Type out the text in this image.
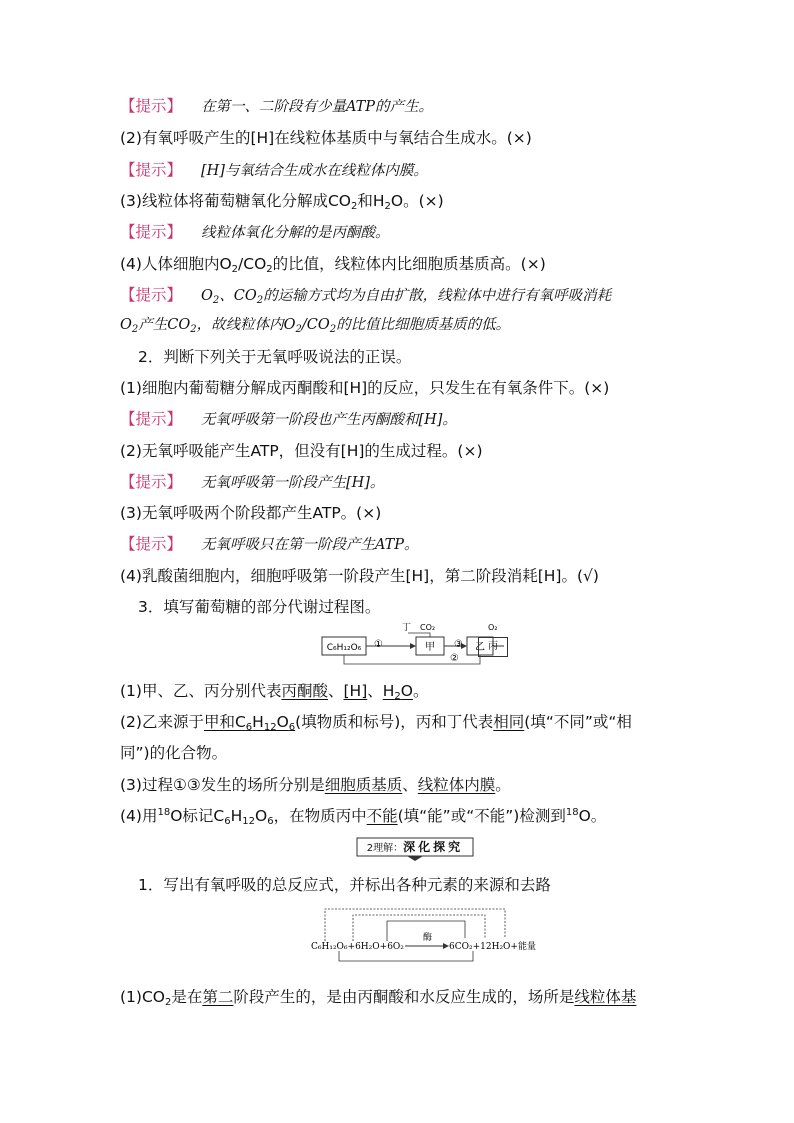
【提示】 在第一、二阶段有少量ATP的产生。
(2)有氧呼吸产生的[H]在线粒体基质中与氧结合生成水。(×)
【提示】 [H]与氧结合生成水在线粒体内膜。
(3)线粒体将葡萄糖氧化分解成$CO_2$和$H_2O$。(×)
【提示】 线粒体氧化分解的是丙酮酸。
(4)人体细胞内$O_2/CO_2$的比值，线粒体内比细胞质基质高。(×)
【提示】 $O_2$、$CO_2$的运输方式均为自由扩散，线粒体中进行有氧呼吸消耗
$O_2$产生$CO_2$，故线粒体内$O_2/CO_2$的比值比细胞质基质的低。
2．判断下列关于无氧呼吸说法的正误。
(1)细胞内葡萄糖分解成丙酮酸和[H]的反应，只发生在有氧条件下。(×)
【提示】 无氧呼吸第一阶段也产生丙酮酸和[H]。
(2)无氧呼吸能产生ATP，但没有[H]的生成过程。(×)
【提示】 无氧呼吸第一阶段产生[H]。
(3)无氧呼吸两个阶段都产生ATP。(×)
【提示】 无氧呼吸只在第一阶段产生ATP。
(4)乳酸菌细胞内，细胞呼吸第一阶段产生[H]，第二阶段消耗[H]。(√)
3．填写葡萄糖的部分代谢过程图。
C₆H₁₂O₆ ①	甲
丁 CO₂
②
乙
O₂
③	丙
(1)甲、乙、丙分别代表丙酮酸、[H]、$H_2O$。
(2)乙来源于甲和$C_6H_{12}O_6$(填物质和标号)，丙和丁代表相同(填“不同”或“相
同”)的化合物。
(3)过程①③发生的场所分别是细胞质基质、线粒体内膜。
(4)用$^{18}$O标记$C_6H_{12}O_6$，在物质丙中不能(填“能”或“不能”)检测到$^{18}$O。
2理解：深化探究
1．写出有氧呼吸的总反应式，并标出各种元素的来源和去路
C₆H₁₂O₆+6H₂O+6O₂
酶
6CO₂+12H₂O+能量
$(1)CO_2$是在第二阶段产生的，是由丙酮酸和水反应生成的，场所是线粒体基
